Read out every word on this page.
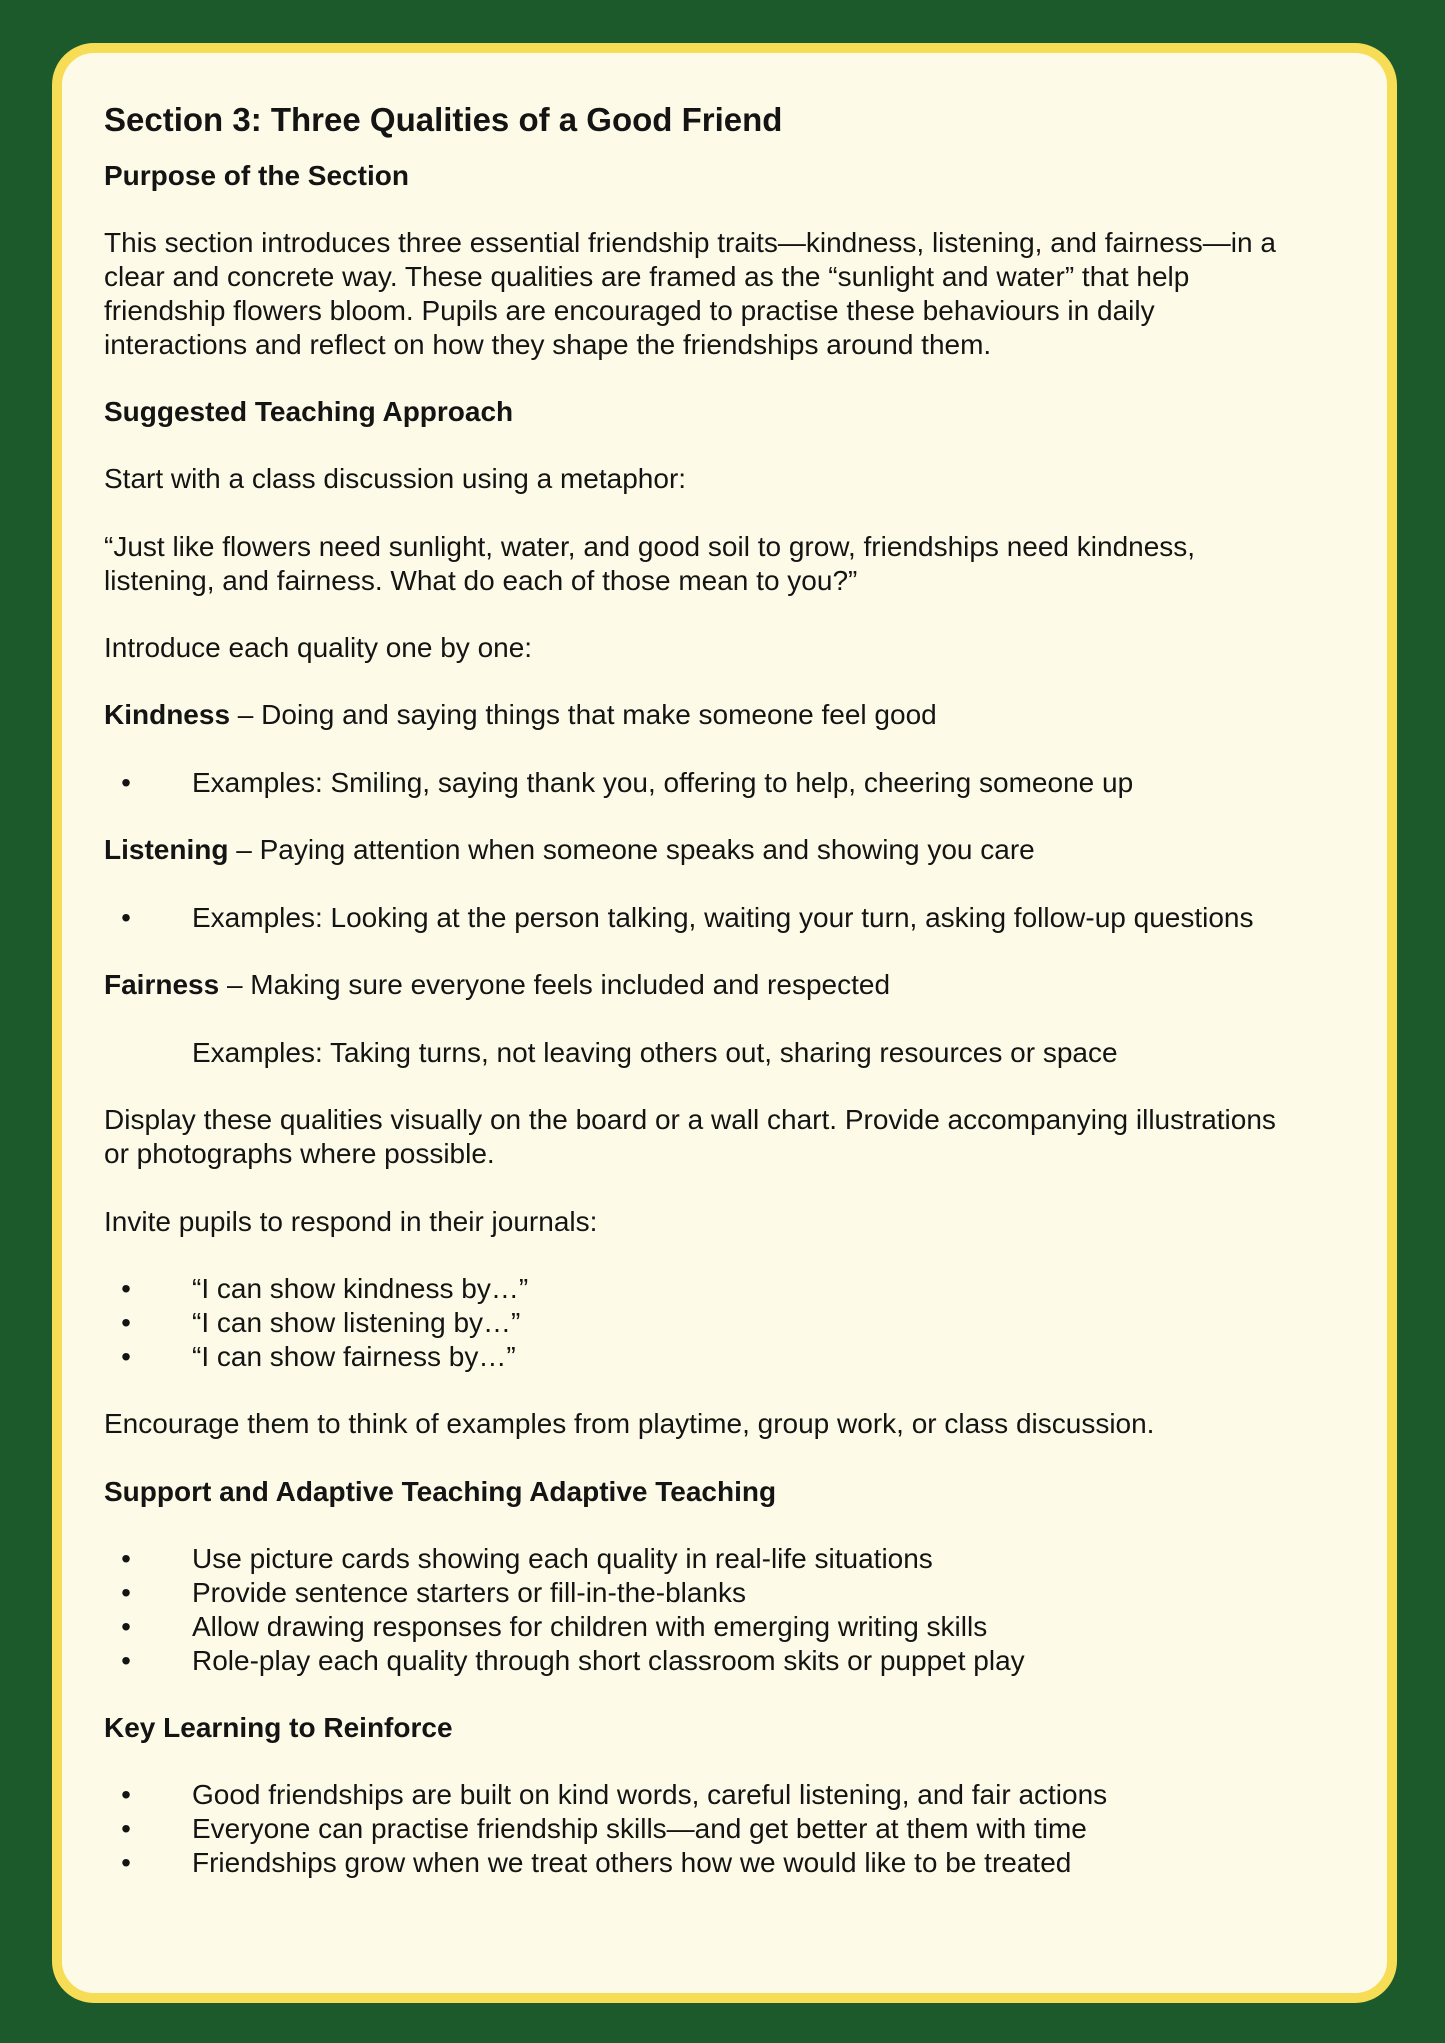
Section 3: Three Qualities of a Good Friend
Purpose of the Section

This section introduces three essential friendship traits—kindness, listening, and fairness—in a

clear and concrete way. These qualities are framed as the “sunlight and water” that help

friendship flowers bloom. Pupils are encouraged to practise these behaviours in daily

interactions and reflect on how they shape the friendships around them.

Suggested Teaching Approach

Start with a class discussion using a metaphor:

“Just like flowers need sunlight, water, and good soil to grow, friendships need kindness,

listening, and fairness. What do each of those mean to you?”

Introduce each quality one by one:

Kindness – Doing and saying things that make someone feel good

•	Examples: Smiling, saying thank you, offering to help, cheering someone up

Listening – Paying attention when someone speaks and showing you care

•	Examples: Looking at the person talking, waiting your turn, asking follow-up questions

Fairness – Making sure everyone feels included and respected

Examples: Taking turns, not leaving others out, sharing resources or space

Display these qualities visually on the board or a wall chart. Provide accompanying illustrations

or photographs where possible.

Invite pupils to respond in their journals:

•	“I can show kindness by…”
•	“I can show listening by…”
•	“I can show fairness by…”

Encourage them to think of examples from playtime, group work, or class discussion.

Support and Adaptive Teaching Adaptive Teaching
•	Use picture cards showing each quality in real-life situations
•	Provide sentence starters or fill-in-the-blanks
•	Allow drawing responses for children with emerging writing skills
•	Role-play each quality through short classroom skits or puppet play
Key Learning to Reinforce
•	Good friendships are built on kind words, careful listening, and fair actions
•	Everyone can practise friendship skills—and get better at them with time
•	Friendships grow when we treat others how we would like to be treated
